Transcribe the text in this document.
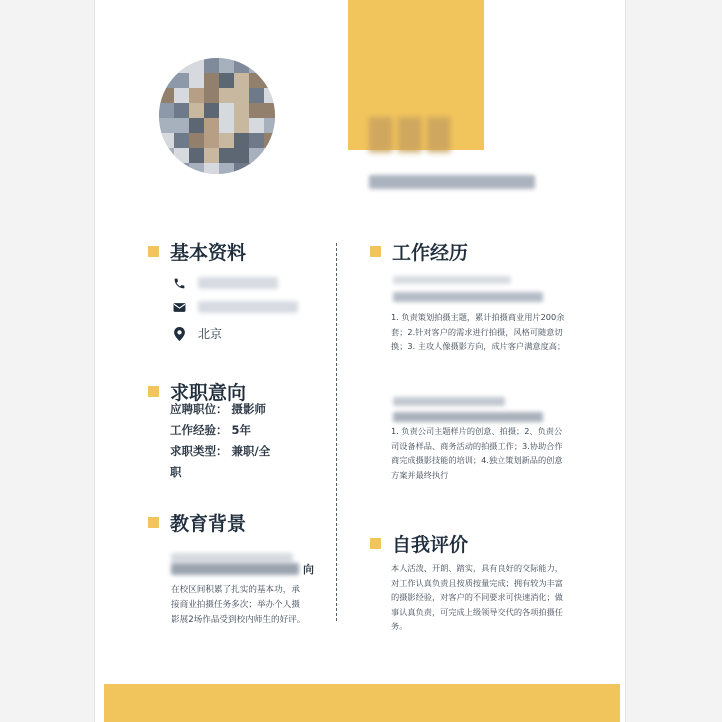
███
基本资料
北京
求职意向
应聘职位： 摄影师
工作经验： 5年
求职类型： 兼职/全
职
教育背景
向
在校区间积累了扎实的基本功，承接商业拍摄任务多次；举办个人摄影展2场作品受到校内师生的好评。
工作经历
1. 负责策划拍摄主题，累计拍摄商业用片200余套；2.针对客户的需求进行拍摄，风格可随意切换；3. 主攻人像摄影方向，成片客户满意度高；
1. 负责公司主题样片的创意、拍摄；2、负责公司设备样品、商务活动的拍摄工作；3.协助合作商完成摄影技能的培训；4.独立策划新品的创意方案并最终执行
自我评价
本人活泼、开朗、踏实，具有良好的交际能力，对工作认真负责且按质按量完成；拥有较为丰富的摄影经验，对客户的不同要求可快速消化；做事认真负责，可完成上级领导交代的各项拍摄任务。
